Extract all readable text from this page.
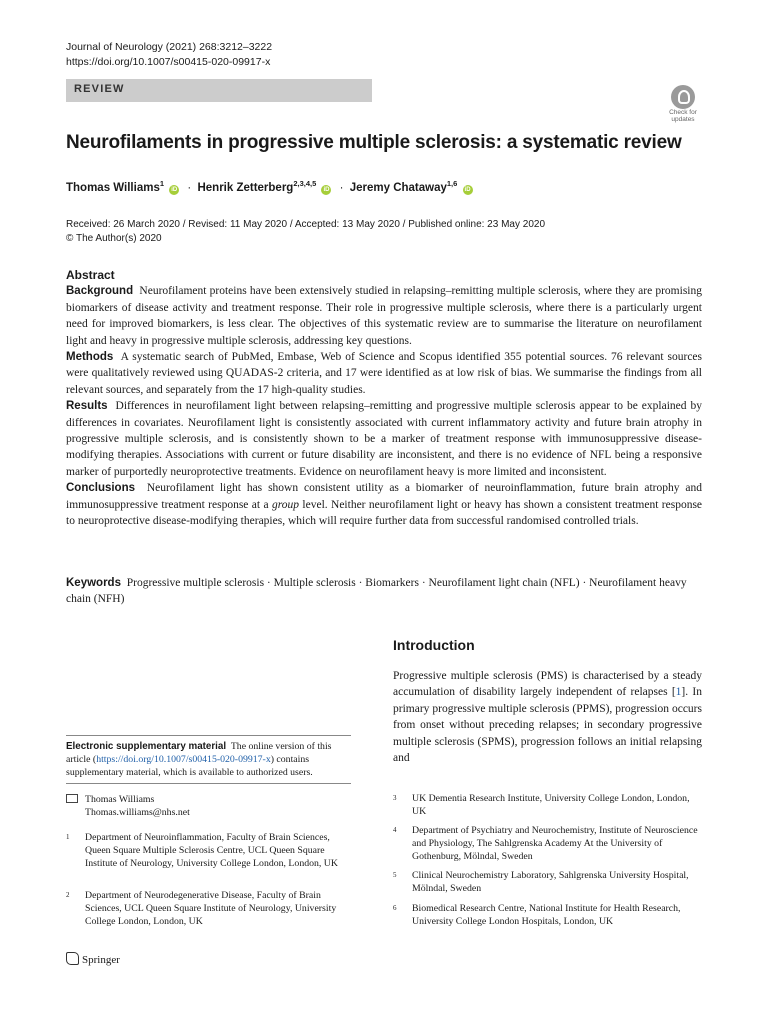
Journal of Neurology (2021) 268:3212–3222
https://doi.org/10.1007/s00415-020-09917-x
REVIEW
Check for
updates
Neurofilaments in progressive multiple sclerosis: a systematic review
Thomas Williams$^1$ iD · Henrik Zetterberg$^{2,3,4,5}$ iD · Jeremy Chataway$^{1,6}$ iD
Received: 26 March 2020 / Revised: 11 May 2020 / Accepted: 13 May 2020 / Published online: 23 May 2020
© The Author(s) 2020
Abstract

Background Neurofilament proteins have been extensively studied in relapsing–remitting multiple sclerosis, where they are promising biomarkers of disease activity and treatment response. Their role in progressive multiple sclerosis, where there is a particularly urgent need for improved biomarkers, is less clear. The objectives of this systematic review are to summarise the literature on neurofilament light and heavy in progressive multiple sclerosis, addressing key questions.

Methods A systematic search of PubMed, Embase, Web of Science and Scopus identified 355 potential sources. 76 relevant sources were qualitatively reviewed using QUADAS-2 criteria, and 17 were identified as at low risk of bias. We summarise the findings from all relevant sources, and separately from the 17 high-quality studies.

Results Differences in neurofilament light between relapsing–remitting and progressive multiple sclerosis appear to be explained by differences in covariates. Neurofilament light is consistently associated with current inflammatory activity and future brain atrophy in progressive multiple sclerosis, and is consistently shown to be a marker of treatment response with immunosuppressive disease-modifying therapies. Associations with current or future disability are inconsistent, and there is no evidence of NFL being a responsive marker of purportedly neuroprotective treatments. Evidence on neurofilament heavy is more limited and inconsistent.

Conclusions Neurofilament light has shown consistent utility as a biomarker of neuroinflammation, future brain atrophy and immunosuppressive treatment response at a group level. Neither neurofilament light or heavy has shown a consistent treatment response to neuroprotective disease-modifying therapies, which will require further data from successful randomised controlled trials.

Keywords Progressive multiple sclerosis · Multiple sclerosis · Biomarkers · Neurofilament light chain (NFL) · Neurofilament heavy chain (NFH)
Introduction
Progressive multiple sclerosis (PMS) is characterised by a steady accumulation of disability largely independent of relapses [1]. In primary progressive multiple sclerosis (PPMS), progression occurs from onset without preceding relapses; in secondary progressive multiple sclerosis (SPMS), progression follows an initial relapsing and
Electronic supplementary material The online version of this article (https://doi.org/10.1007/s00415-020-09917-x) contains supplementary material, which is available to authorized users.
Thomas Williams
Thomas.williams@nhs.net
1 Department of Neuroinflammation, Faculty of Brain Sciences, Queen Square Multiple Sclerosis Centre, UCL Queen Square Institute of Neurology, University College London, London, UK
2 Department of Neurodegenerative Disease, Faculty of Brain Sciences, UCL Queen Square Institute of Neurology, University College London, London, UK
3 UK Dementia Research Institute, University College London, London, UK
4 Department of Psychiatry and Neurochemistry, Institute of Neuroscience and Physiology, The Sahlgrenska Academy At the University of Gothenburg, Mölndal, Sweden
5 Clinical Neurochemistry Laboratory, Sahlgrenska University Hospital, Mölndal, Sweden
6 Biomedical Research Centre, National Institute for Health Research, University College London Hospitals, London, UK
Springer
